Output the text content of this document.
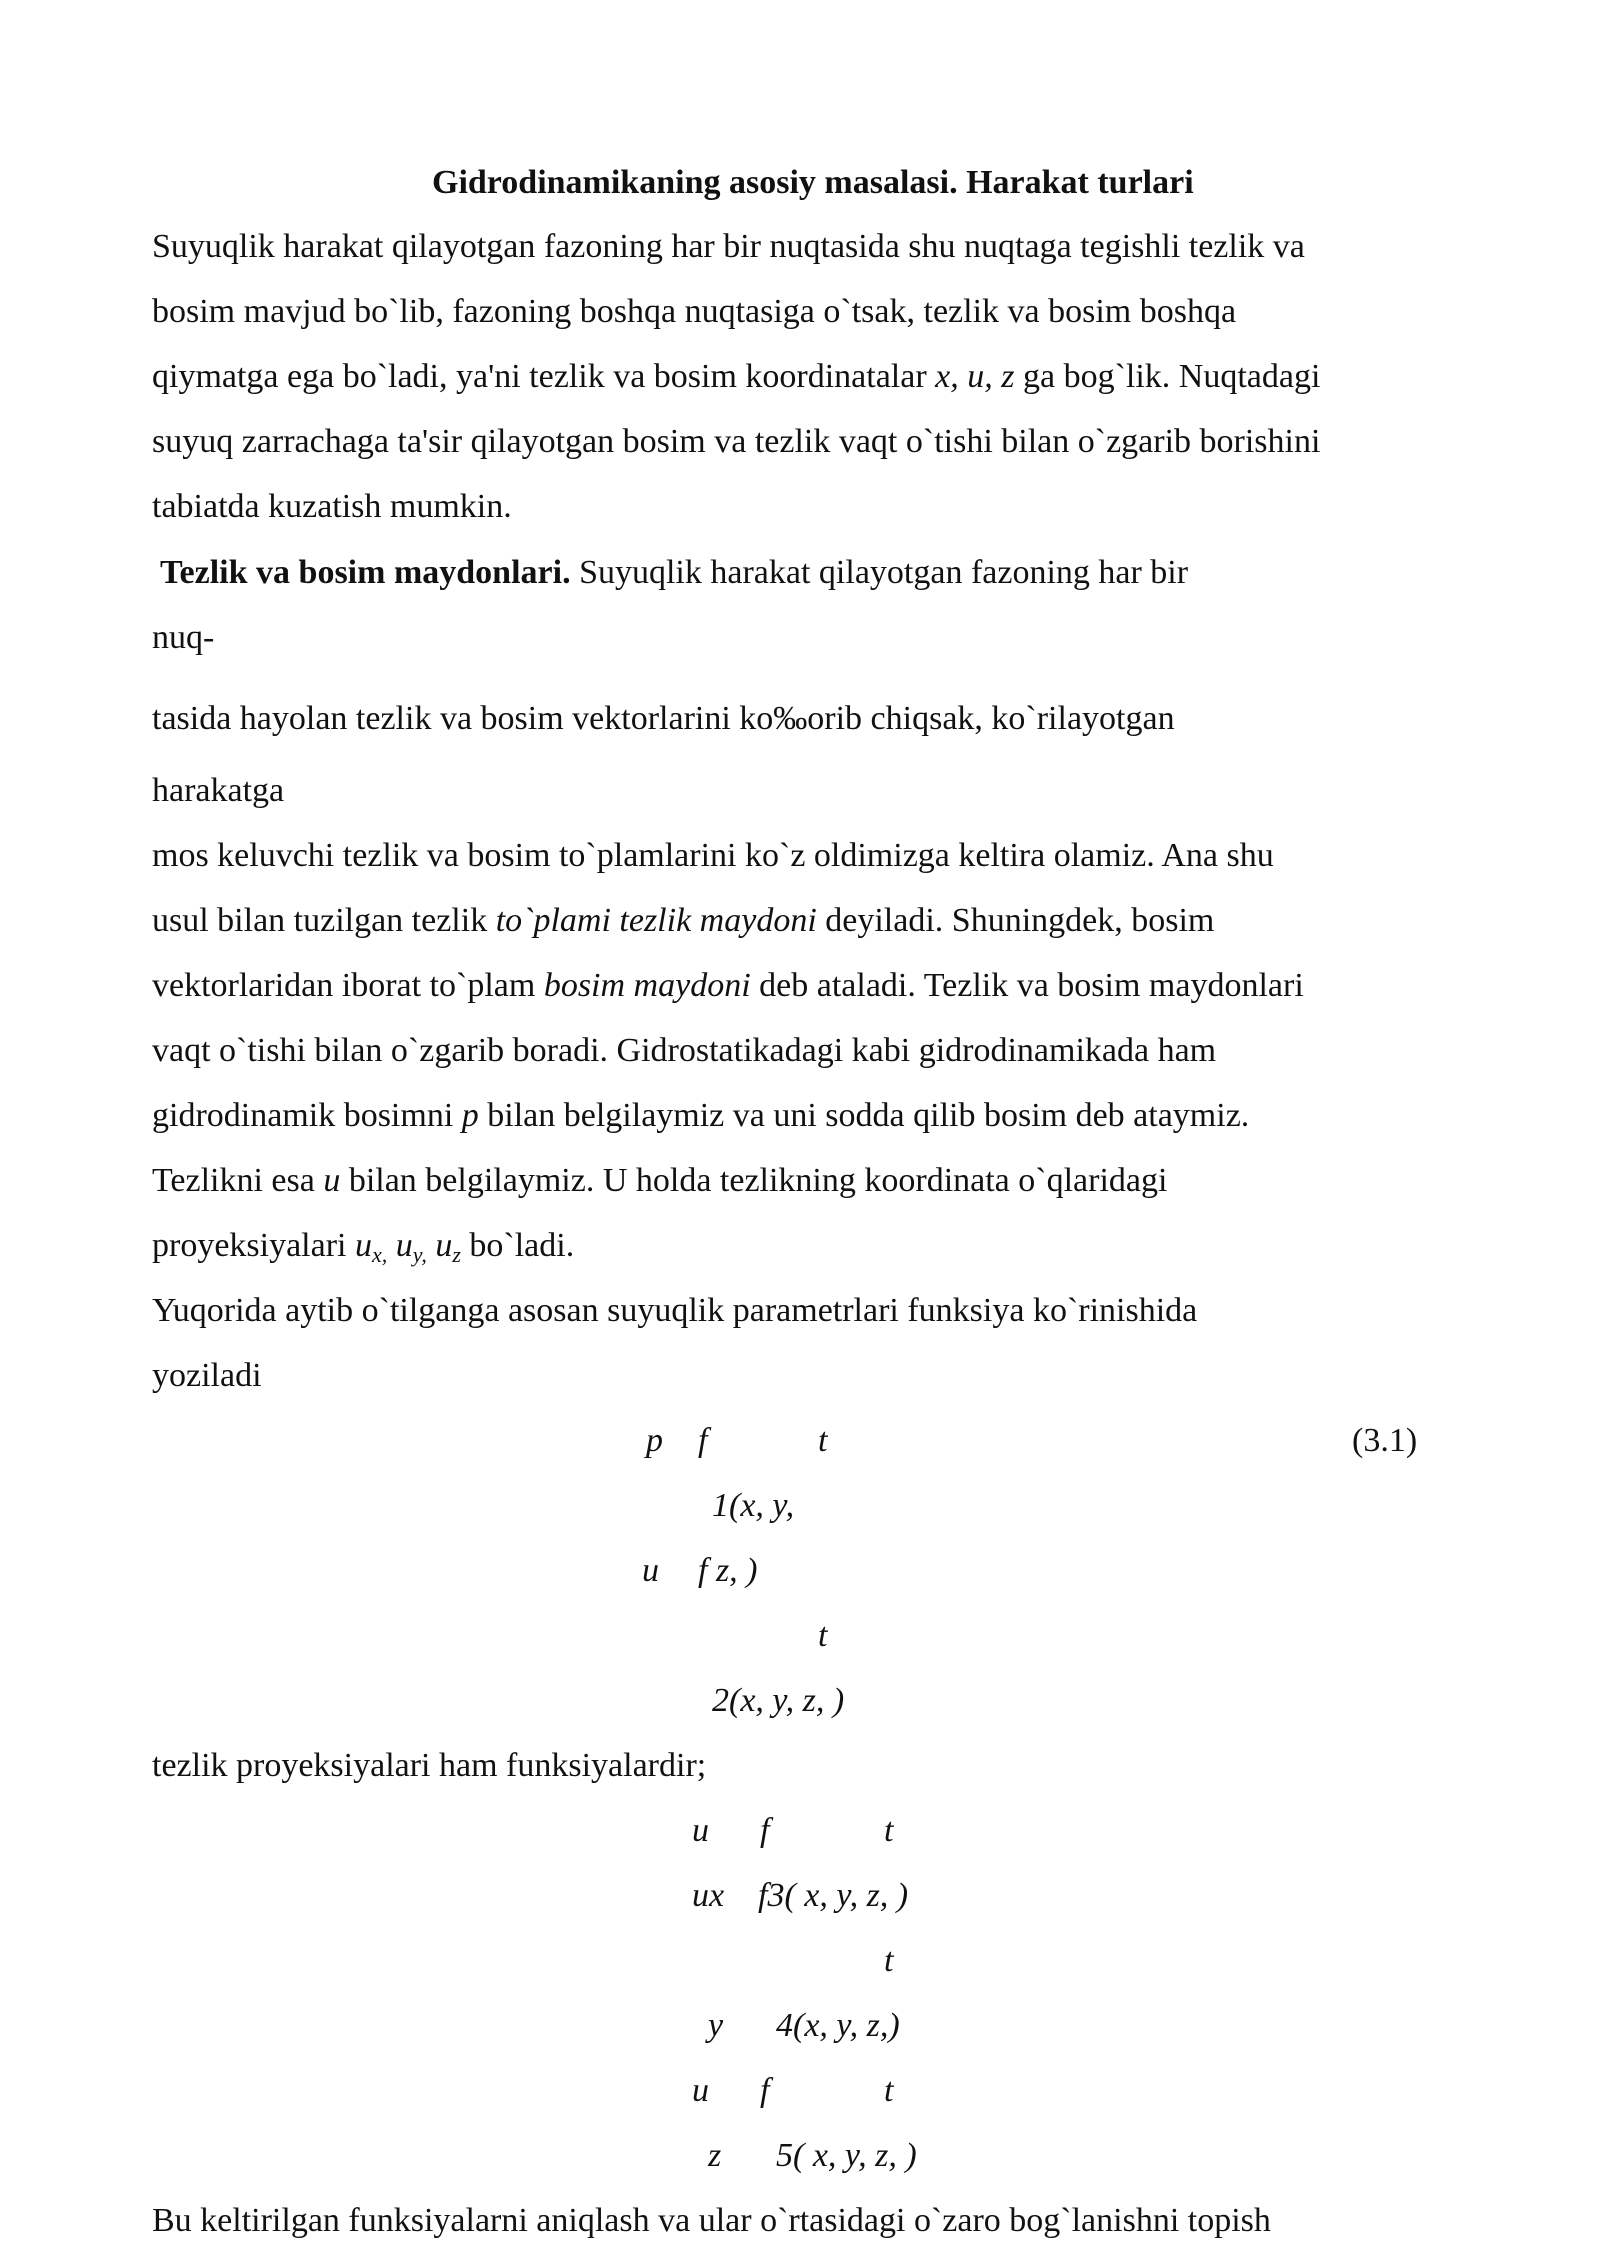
Gidrodinamikaning asosiy masalasi. Harakat turlari
Suyuqlik harakat qilayotgan fazoning har bir nuqtasida shu nuqtaga tegishli tezlik va
bosim mavjud bo`lib, fazoning boshqa nuqtasiga o`tsak, tezlik va bosim boshqa
qiymatga ega bo`ladi, ya'ni tezlik va bosim koordinatalar x, u, z ga bog`lik. Nuqtadagi
suyuq zarrachaga ta'sir qilayotgan bosim va tezlik vaqt o`tishi bilan o`zgarib borishini
tabiatda kuzatish mumkin.
Tezlik va bosim maydonlari. Suyuqlik harakat qilayotgan fazoning har bir
nuq-
tasida hayolan tezlik va bosim vektorlarini ko‰orib chiqsak, ko`rilayotgan
harakatga
mos keluvchi tezlik va bosim to`plamlarini ko`z oldimizga keltira olamiz. Ana shu
usul bilan tuzilgan tezlik to`plami tezlik maydoni deyiladi. Shuningdek, bosim
vektorlaridan iborat to`plam bosim maydoni deb ataladi. Tezlik va bosim maydonlari
vaqt o`tishi bilan o`zgarib boradi. Gidrostatikadagi kabi gidrodinamikada ham
gidrodinamik bosimni p bilan belgilaymiz va uni sodda qilib bosim deb ataymiz.
Tezlikni esa u bilan belgilaymiz. U holda tezlikning koordinata o`qlaridagi
proyeksiyalari $u_{x,}$ $u_{y,}$ $u_z$ bo`ladi.
Yuqorida aytib o`tilganga asosan suyuqlik parametrlari funksiya ko`rinishida
yoziladi
p f	t	(3.1)
1(x, y,
u f z, )
t
2(x, y, z, )
tezlik proyeksiyalari ham funksiyalardir;
u f	t
ux f3( x, y, z, )
t
y 4(x, y, z,)
u f	t
z 5( x, y, z, )
Bu keltirilgan funksiyalarni aniqlash va ular o`rtasidagi o`zaro bog`lanishni topish
